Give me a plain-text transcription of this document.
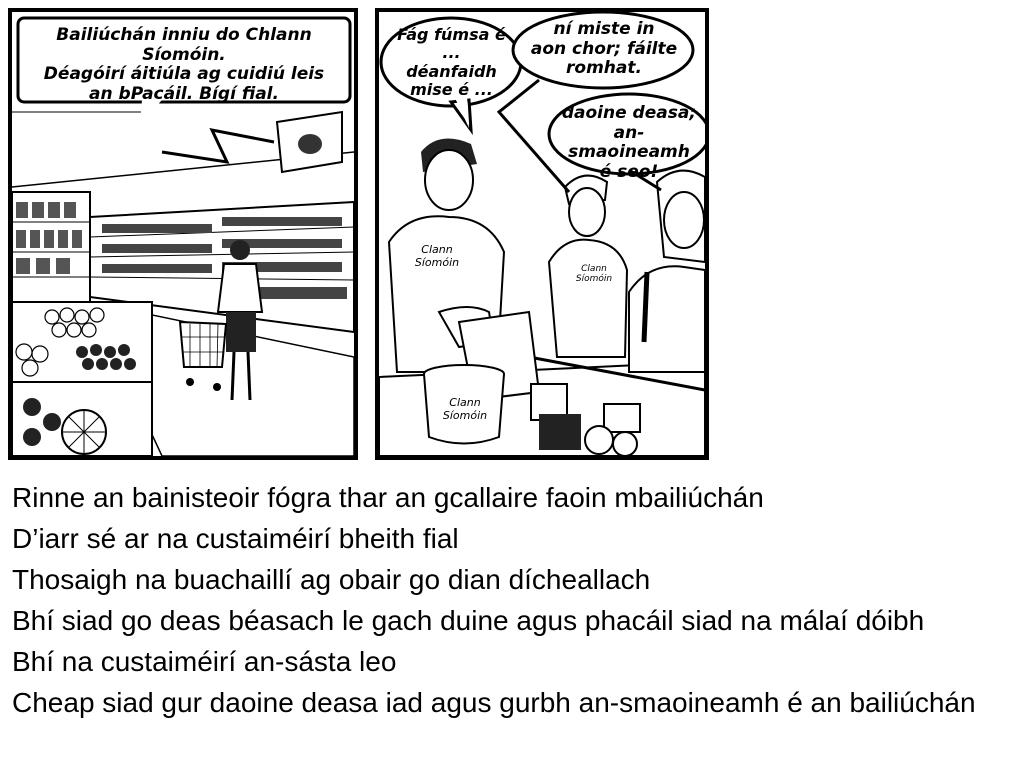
Bailiúchán inniu do Chlann Síomóin.
Déagóirí áitiúla ag cuidiú leis
an bPacáil. Bígí fial.
Fág fúmsa é ...
déanfaidh
mise é ...
ní miste in
aon chor; fáilte
romhat.
daoine deasa;
an-smaoineamh
é seo!
Clann
Síomóin
Clann
Síomóin
Clann
Síomóin
Rinne an bainisteoir fógra thar an gcallaire faoin mbailiúchán
D’iarr sé ar na custaiméirí bheith fial
Thosaigh na buachaillí ag obair go dian dícheallach
Bhí siad go deas béasach le gach duine agus phacáil siad na málaí dóibh
Bhí na custaiméirí an-sásta leo
Cheap siad gur daoine deasa iad agus gurbh an-smaoineamh é an bailiúchán
